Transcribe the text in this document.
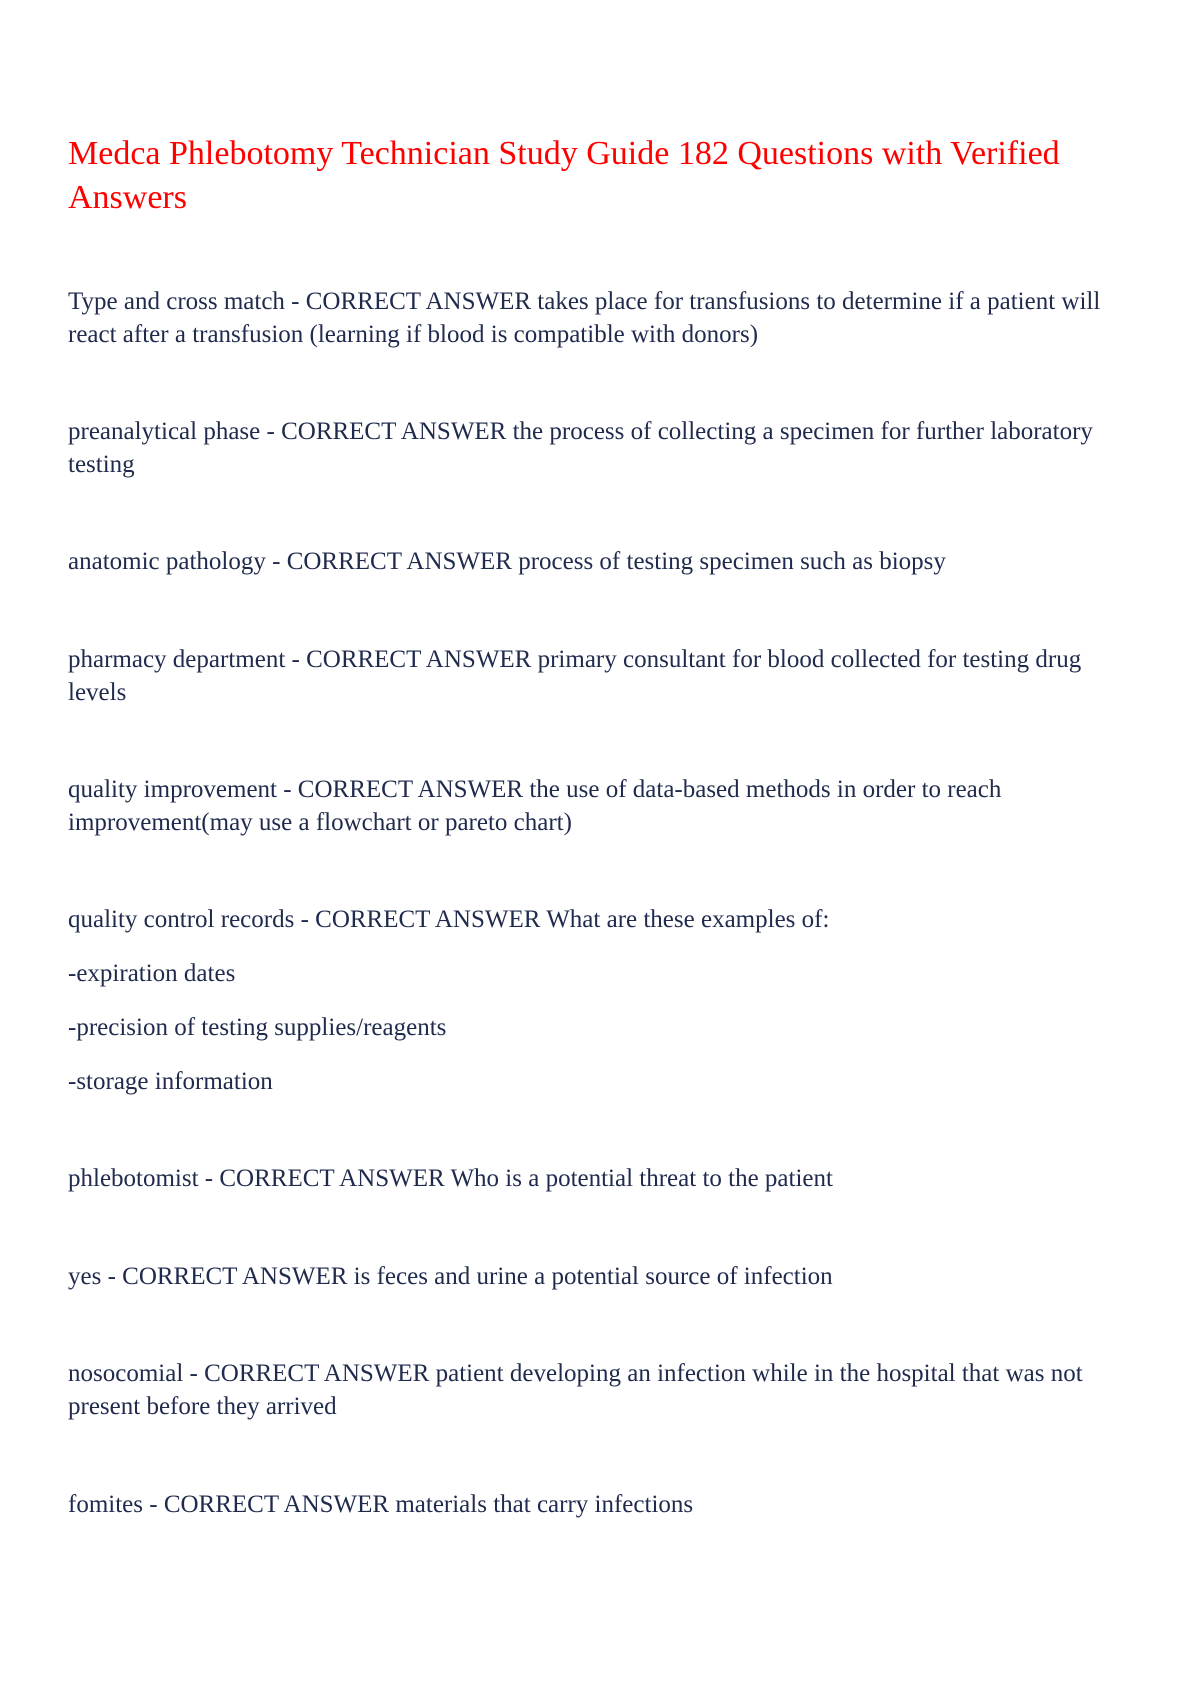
Medca Phlebotomy Technician Study Guide 182 Questions with Verified Answers

Type and cross match - CORRECT ANSWER takes place for transfusions to determine if a patient will react after a transfusion (learning if blood is compatible with donors)

preanalytical phase - CORRECT ANSWER the process of collecting a specimen for further laboratory testing

anatomic pathology - CORRECT ANSWER process of testing specimen such as biopsy

pharmacy department - CORRECT ANSWER primary consultant for blood collected for testing drug levels

quality improvement - CORRECT ANSWER the use of data-based methods in order to reach improvement(may use a flowchart or pareto chart)

quality control records - CORRECT ANSWER What are these examples of:

-expiration dates

-precision of testing supplies/reagents

-storage information

phlebotomist - CORRECT ANSWER Who is a potential threat to the patient

yes - CORRECT ANSWER is feces and urine a potential source of infection

nosocomial - CORRECT ANSWER patient developing an infection while in the hospital that was not present before they arrived

fomites - CORRECT ANSWER materials that carry infections
